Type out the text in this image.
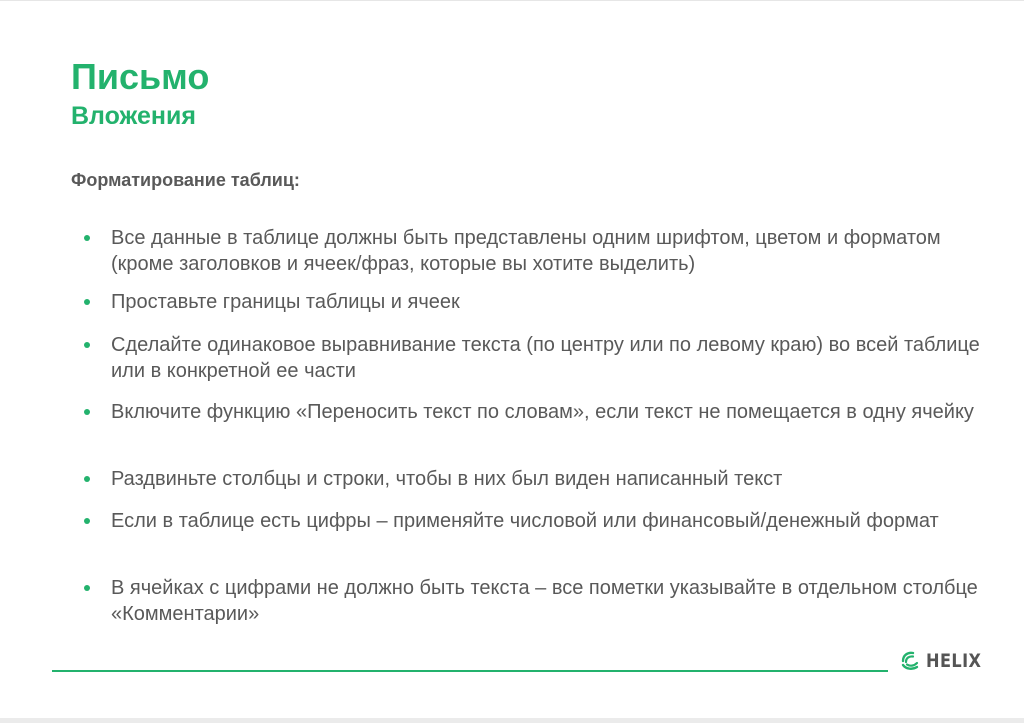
Письмо
Вложения
Форматирование таблиц:
Все данные в таблице должны быть представлены одним шрифтом, цветом и форматом (кроме заголовков и ячеек/фраз, которые вы хотите выделить)
Проставьте границы таблицы и ячеек
Сделайте одинаковое выравнивание текста (по центру или по левому краю) во всей таблице или в конкретной ее части
Включите функцию «Переносить текст по словам», если текст не помещается в одну ячейку
Раздвиньте столбцы и строки, чтобы в них был виден написанный текст
Если в таблице есть цифры – применяйте числовой или финансовый/денежный формат
В ячейках с цифрами не должно быть текста – все пометки указывайте в отдельном столбце «Комментарии»
HELIX
